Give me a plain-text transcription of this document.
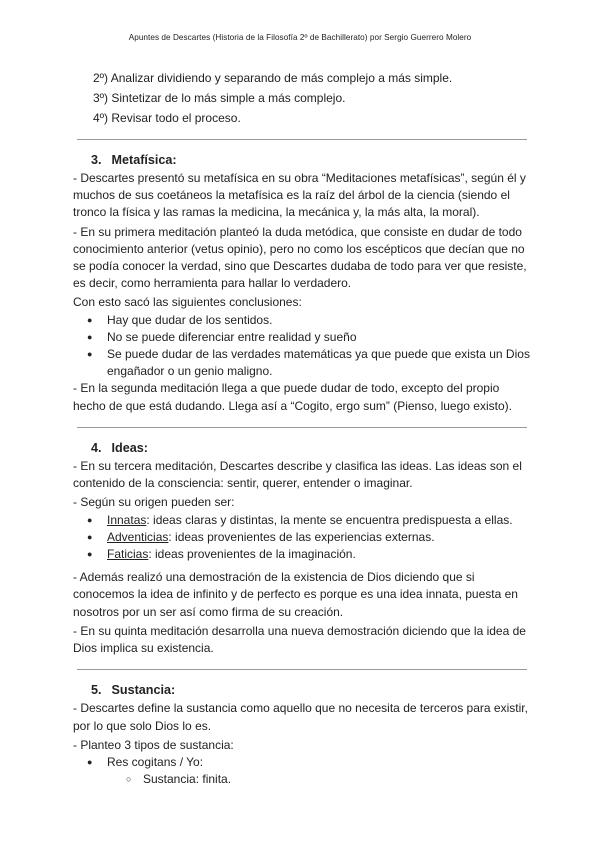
Apuntes de Descartes (Historia de la Filosofía 2º de Bachillerato) por Sergio Guerrero Molero
2º) Analizar dividiendo y separando de más complejo a más simple.
3º) Sintetizar de lo más simple a más complejo.
4º) Revisar todo el proceso.
3. Metafísica:

- Descartes presentó su metafísica en su obra “Meditaciones metafísicas”, según él y muchos de sus coetáneos la metafísica es la raíz del árbol de la ciencia (siendo el tronco la física y las ramas la medicina, la mecánica y, la más alta, la moral).

- En su primera meditación planteó la duda metódica, que consiste en dudar de todo conocimiento anterior (vetus opinio), pero no como los escépticos que decían que no se podía conocer la verdad, sino que Descartes dudaba de todo para ver que resiste, es decir, como herramienta para hallar lo verdadero.

Con esto sacó las siguientes conclusiones:

● Hay que dudar de los sentidos.
● No se puede diferenciar entre realidad y sueño
● Se puede dudar de las verdades matemáticas ya que puede que exista un Dios engañador o un genio maligno.

- En la segunda meditación llega a que puede dudar de todo, excepto del propio hecho de que está dudando. Llega así a “Cogito, ergo sum” (Pienso, luego existo).

4. Ideas:

- En su tercera meditación, Descartes describe y clasifica las ideas. Las ideas son el contenido de la consciencia: sentir, querer, entender o imaginar.

- Según su origen pueden ser:

● Innatas: ideas claras y distintas, la mente se encuentra predispuesta a ellas.
● Adventicias: ideas provenientes de las experiencias externas.
● Faticias: ideas provenientes de la imaginación.

- Además realizó una demostración de la existencia de Dios diciendo que si conocemos la idea de infinito y de perfecto es porque es una idea innata, puesta en nosotros por un ser así como firma de su creación.

- En su quinta meditación desarrolla una nueva demostración diciendo que la idea de Dios implica su existencia.

5. Sustancia:

- Descartes define la sustancia como aquello que no necesita de terceros para existir, por lo que solo Dios lo es.

- Planteo 3 tipos de sustancia:

● Res cogitans / Yo:
○ Sustancia: finita.
